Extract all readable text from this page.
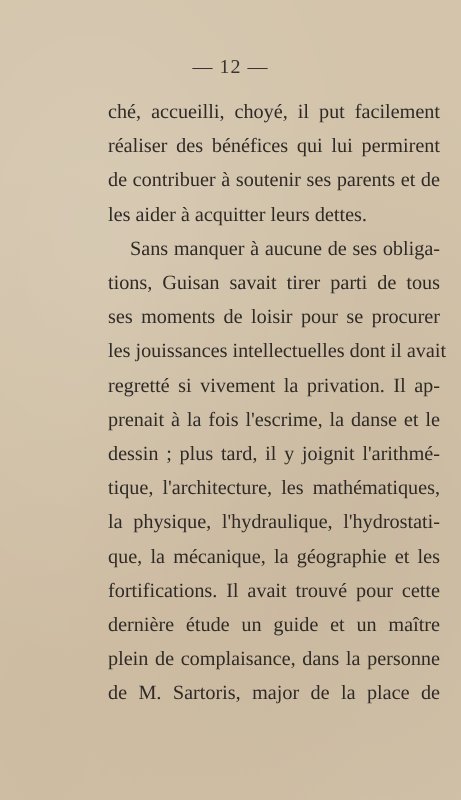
— 12 —
ché, accueilli, choyé, il put facilement
réaliser des bénéfices qui lui permirent
de contribuer à soutenir ses parents et de
les aider à acquitter leurs dettes.
Sans manquer à aucune de ses obliga-
tions, Guisan savait tirer parti de tous
ses moments de loisir pour se procurer
les jouissances intellectuelles dont il avait
regretté si vivement la privation. Il ap-
prenait à la fois l'escrime, la danse et le
dessin ; plus tard, il y joignit l'arithmé-
tique, l'architecture, les mathématiques,
la physique, l'hydraulique, l'hydrostati-
que, la mécanique, la géographie et les
fortifications. Il avait trouvé pour cette
dernière étude un guide et un maître
plein de complaisance, dans la personne
de M. Sartoris, major de la place de
